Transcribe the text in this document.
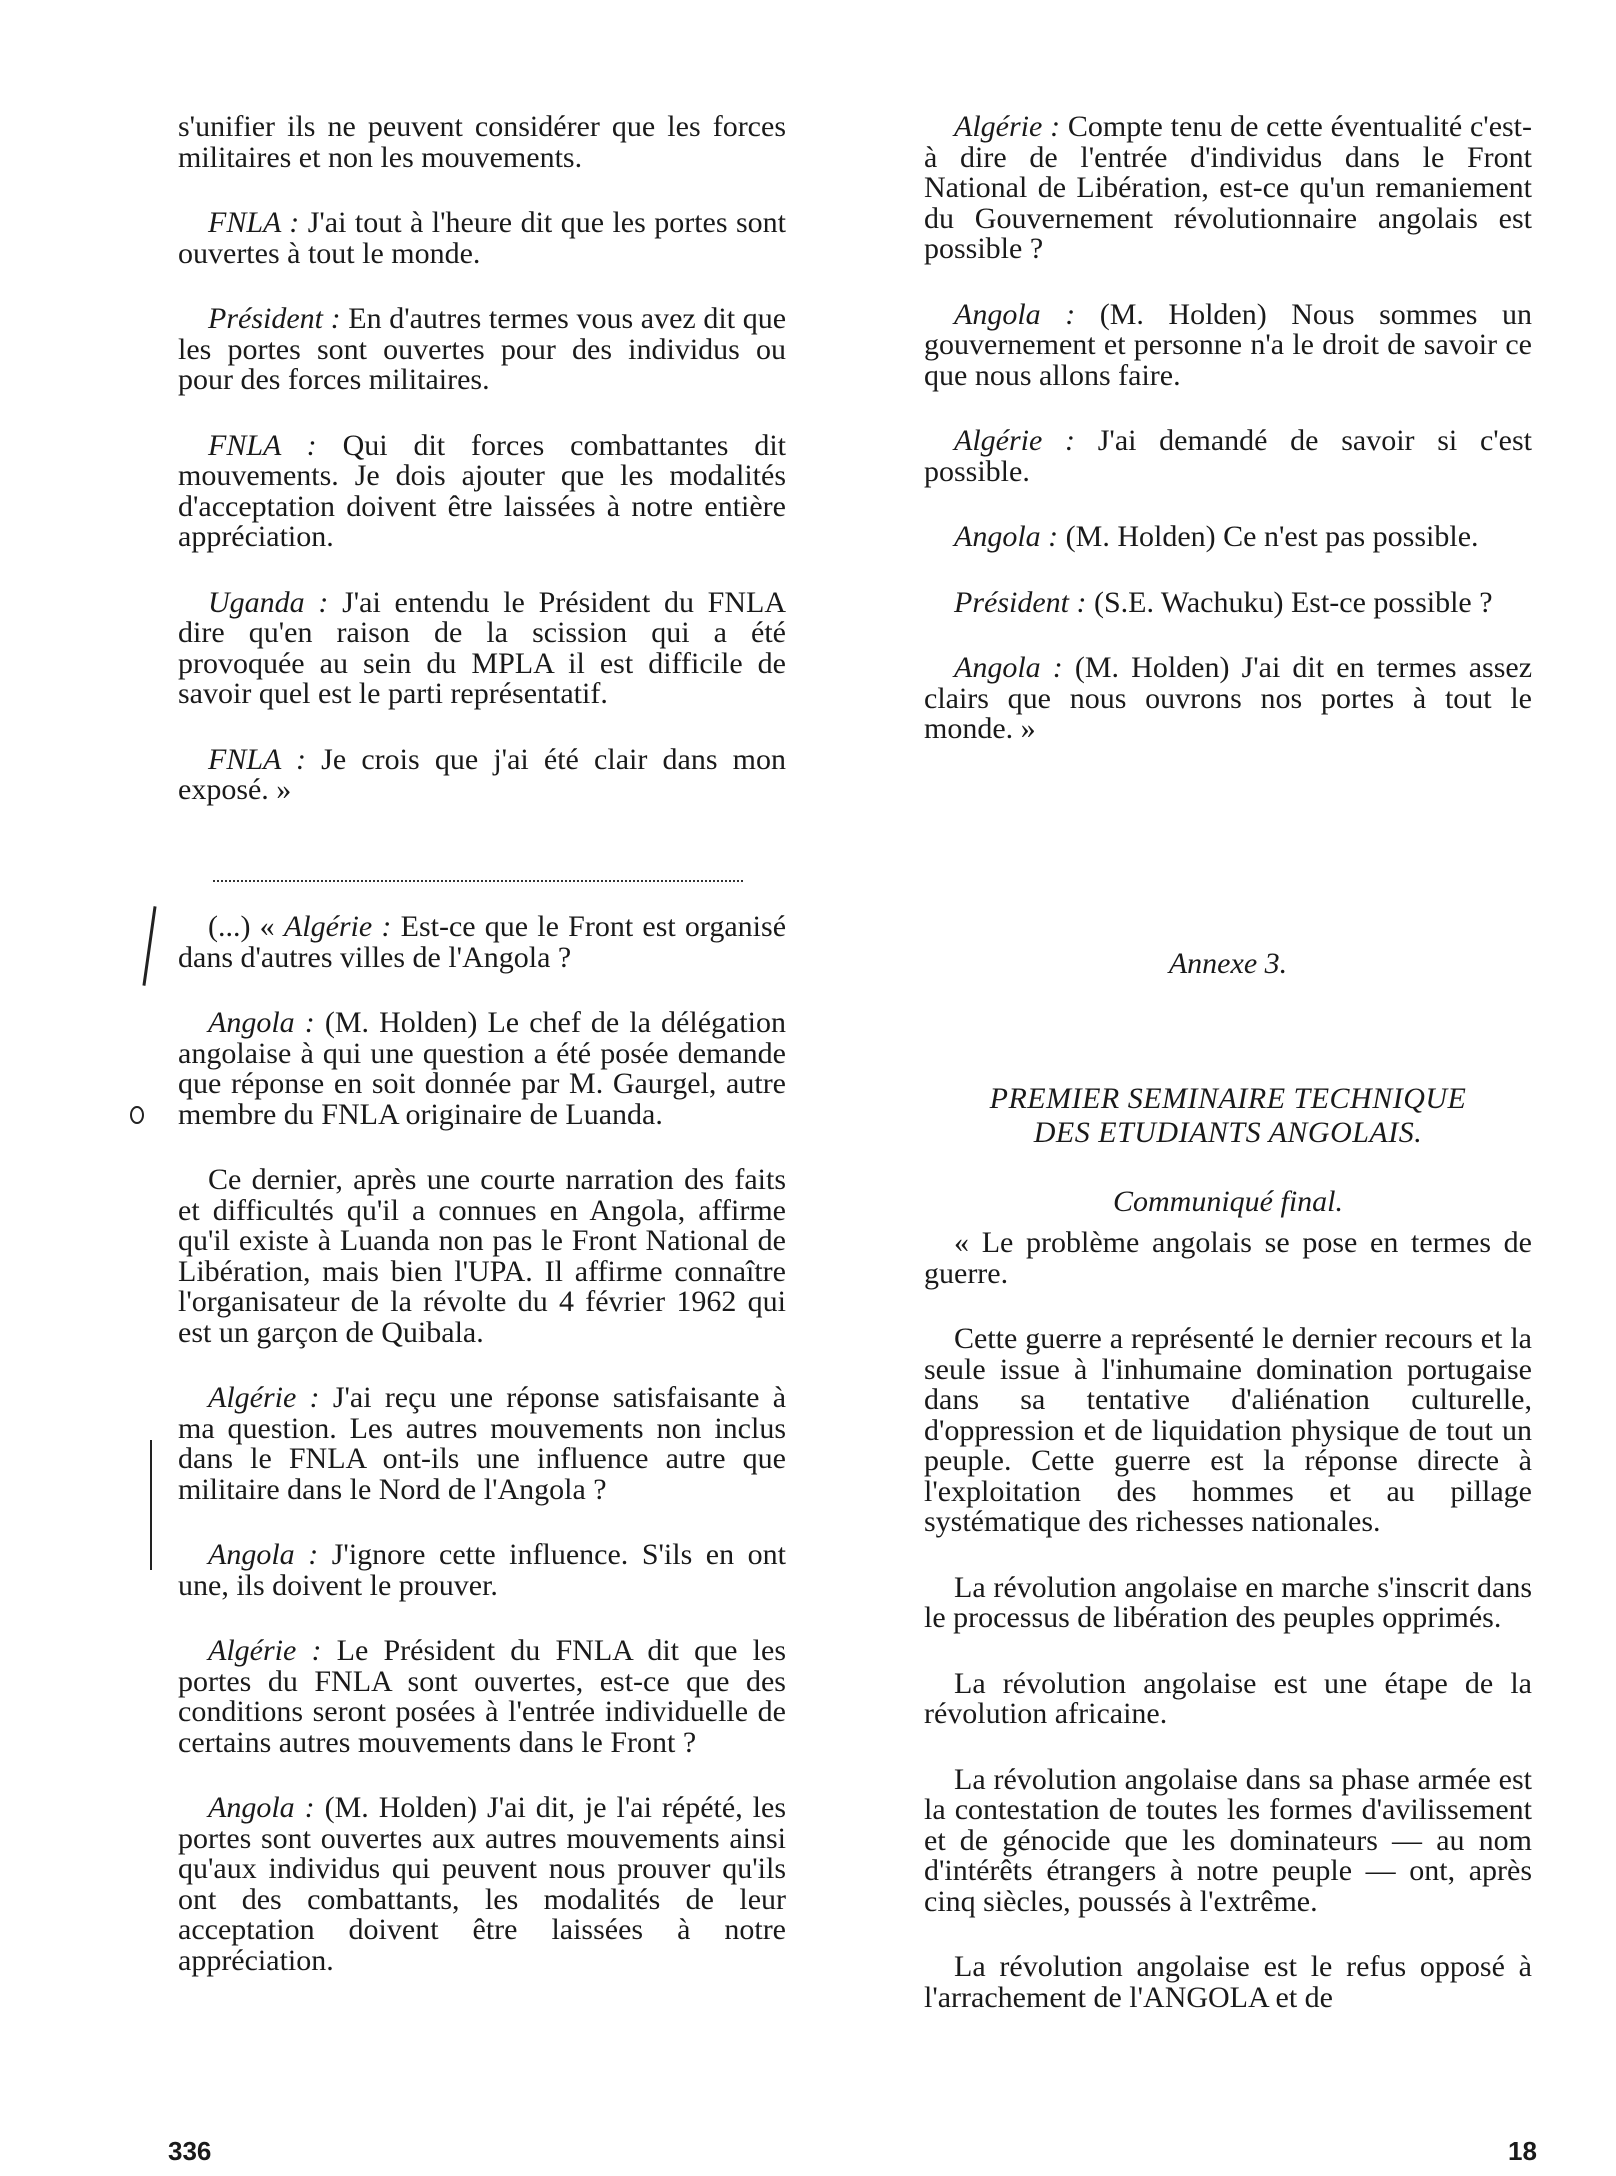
s'unifier ils ne peuvent considérer que les forces militaires et non les mouvements.

FNLA : J'ai tout à l'heure dit que les portes sont ouvertes à tout le monde.

Président : En d'autres termes vous avez dit que les portes sont ouvertes pour des individus ou pour des forces militaires.

FNLA : Qui dit forces combattantes dit mouvements. Je dois ajouter que les modalités d'acceptation doivent être laissées à notre entière appréciation.

Uganda : J'ai entendu le Président du FNLA dire qu'en raison de la scission qui a été provoquée au sein du MPLA il est difficile de savoir quel est le parti représentatif.

FNLA : Je crois que j'ai été clair dans mon exposé. »

(...) « Algérie : Est-ce que le Front est organisé dans d'autres villes de l'Angola ?

Angola : (M. Holden) Le chef de la délégation angolaise à qui une question a été posée demande que réponse en soit donnée par M. Gaurgel, autre membre du FNLA originaire de Luanda.

Ce dernier, après une courte narration des faits et difficultés qu'il a connues en Angola, affirme qu'il existe à Luanda non pas le Front National de Libération, mais bien l'UPA. Il affirme connaître l'organisateur de la révolte du 4 février 1962 qui est un garçon de Quibala.

Algérie : J'ai reçu une réponse satisfaisante à ma question. Les autres mouvements non inclus dans le FNLA ont-ils une influence autre que militaire dans le Nord de l'Angola ?

Angola : J'ignore cette influence. S'ils en ont une, ils doivent le prouver.

Algérie : Le Président du FNLA dit que les portes du FNLA sont ouvertes, est-ce que des conditions seront posées à l'entrée individuelle de certains autres mouvements dans le Front ?

Angola : (M. Holden) J'ai dit, je l'ai répété, les portes sont ouvertes aux autres mouvements ainsi qu'aux individus qui peuvent nous prouver qu'ils ont des combattants, les modalités de leur acceptation doivent être laissées à notre appréciation.

Algérie : Compte tenu de cette éventualité c'est-à dire de l'entrée d'individus dans le Front National de Libération, est-ce qu'un remaniement du Gouvernement révolutionnaire angolais est possible ?

Angola : (M. Holden) Nous sommes un gouvernement et personne n'a le droit de savoir ce que nous allons faire.

Algérie : J'ai demandé de savoir si c'est possible.

Angola : (M. Holden) Ce n'est pas possible.

Président : (S.E. Wachuku) Est-ce possible ?

Angola : (M. Holden) J'ai dit en termes assez clairs que nous ouvrons nos portes à tout le monde. »

Annexe 3.

PREMIER SEMINAIRE TECHNIQUE

DES ETUDIANTS ANGOLAIS.

Communiqué final.

« Le problème angolais se pose en termes de guerre.

Cette guerre a représenté le dernier recours et la seule issue à l'inhumaine domination portugaise dans sa tentative d'aliénation culturelle, d'oppression et de liquidation physique de tout un peuple. Cette guerre est la réponse directe à l'exploitation des hommes et au pillage systématique des richesses nationales.

La révolution angolaise en marche s'inscrit dans le processus de libération des peuples opprimés.

La révolution angolaise est une étape de la révolution africaine.

La révolution angolaise dans sa phase armée est la contestation de toutes les formes d'avilissement et de génocide que les dominateurs — au nom d'intérêts étrangers à notre peuple — ont, après cinq siècles, poussés à l'extrême.

La révolution angolaise est le refus opposé à l'arrachement de l'ANGOLA et de

336	18
